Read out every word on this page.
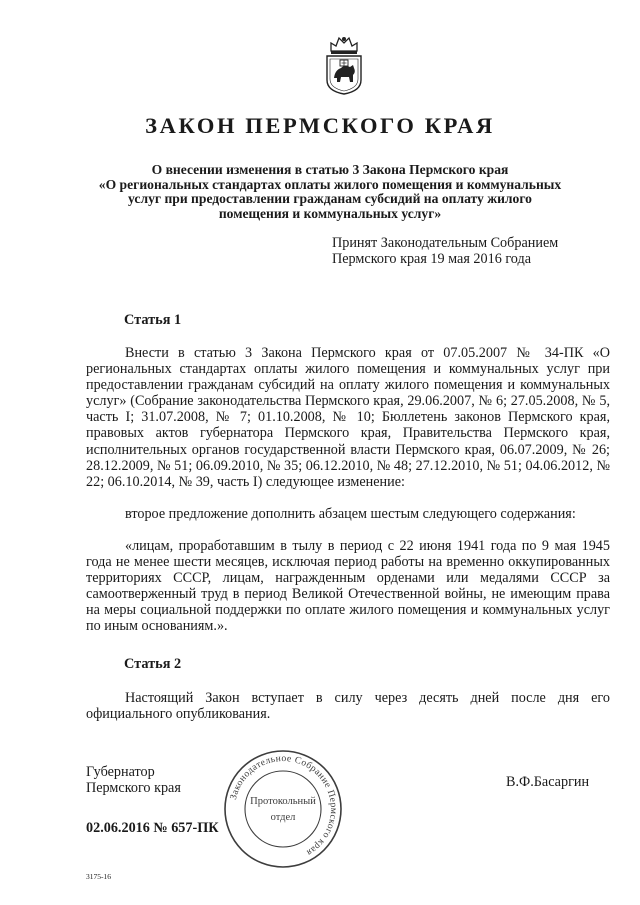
ЗАКОН ПЕРМСКОГО КРАЯ
О внесении изменения в статью 3 Закона Пермского края
«О региональных стандартах оплаты жилого помещения и коммунальных
услуг при предоставлении гражданам субсидий на оплату жилого
помещения и коммунальных услуг»
Принят Законодательным Собранием
Пермского края 19 мая 2016 года
Статья 1

Внести в статью 3 Закона Пермского края от 07.05.2007 № 34-ПК «О региональных стандартах оплаты жилого помещения и коммунальных услуг при предоставлении гражданам субсидий на оплату жилого помещения и коммунальных услуг» (Собрание законодательства Пермского края, 29.06.2007, № 6; 27.05.2008, № 5, часть I; 31.07.2008, № 7; 01.10.2008, № 10; Бюллетень законов Пермского края, правовых актов губернатора Пермского края, Правительства Пермского края, исполнительных органов государственной власти Пермского края, 06.07.2009, № 26; 28.12.2009, № 51; 06.09.2010, № 35; 06.12.2010, № 48; 27.12.2010, № 51; 04.06.2012, № 22; 06.10.2014, № 39, часть I) следующее изменение:

второе предложение дополнить абзацем шестым следующего содержания:

«лицам, проработавшим в тылу в период с 22 июня 1941 года по 9 мая 1945 года не менее шести месяцев, исключая период работы на временно оккупированных территориях СССР, лицам, награжденным орденами или медалями СССР за самоотверженный труд в период Великой Отечественной войны, не имеющим права на меры социальной поддержки по оплате жилого помещения и коммунальных услуг по иным основаниям.».

Статья 2

Настоящий Закон вступает в силу через десять дней после дня его официального опубликования.

Губернатор
Пермского края	В.Ф.Басаргин
02.06.2016 № 657-ПК
Законодательное Собрание Пермского края
Протокольный
отдел
3175-16
